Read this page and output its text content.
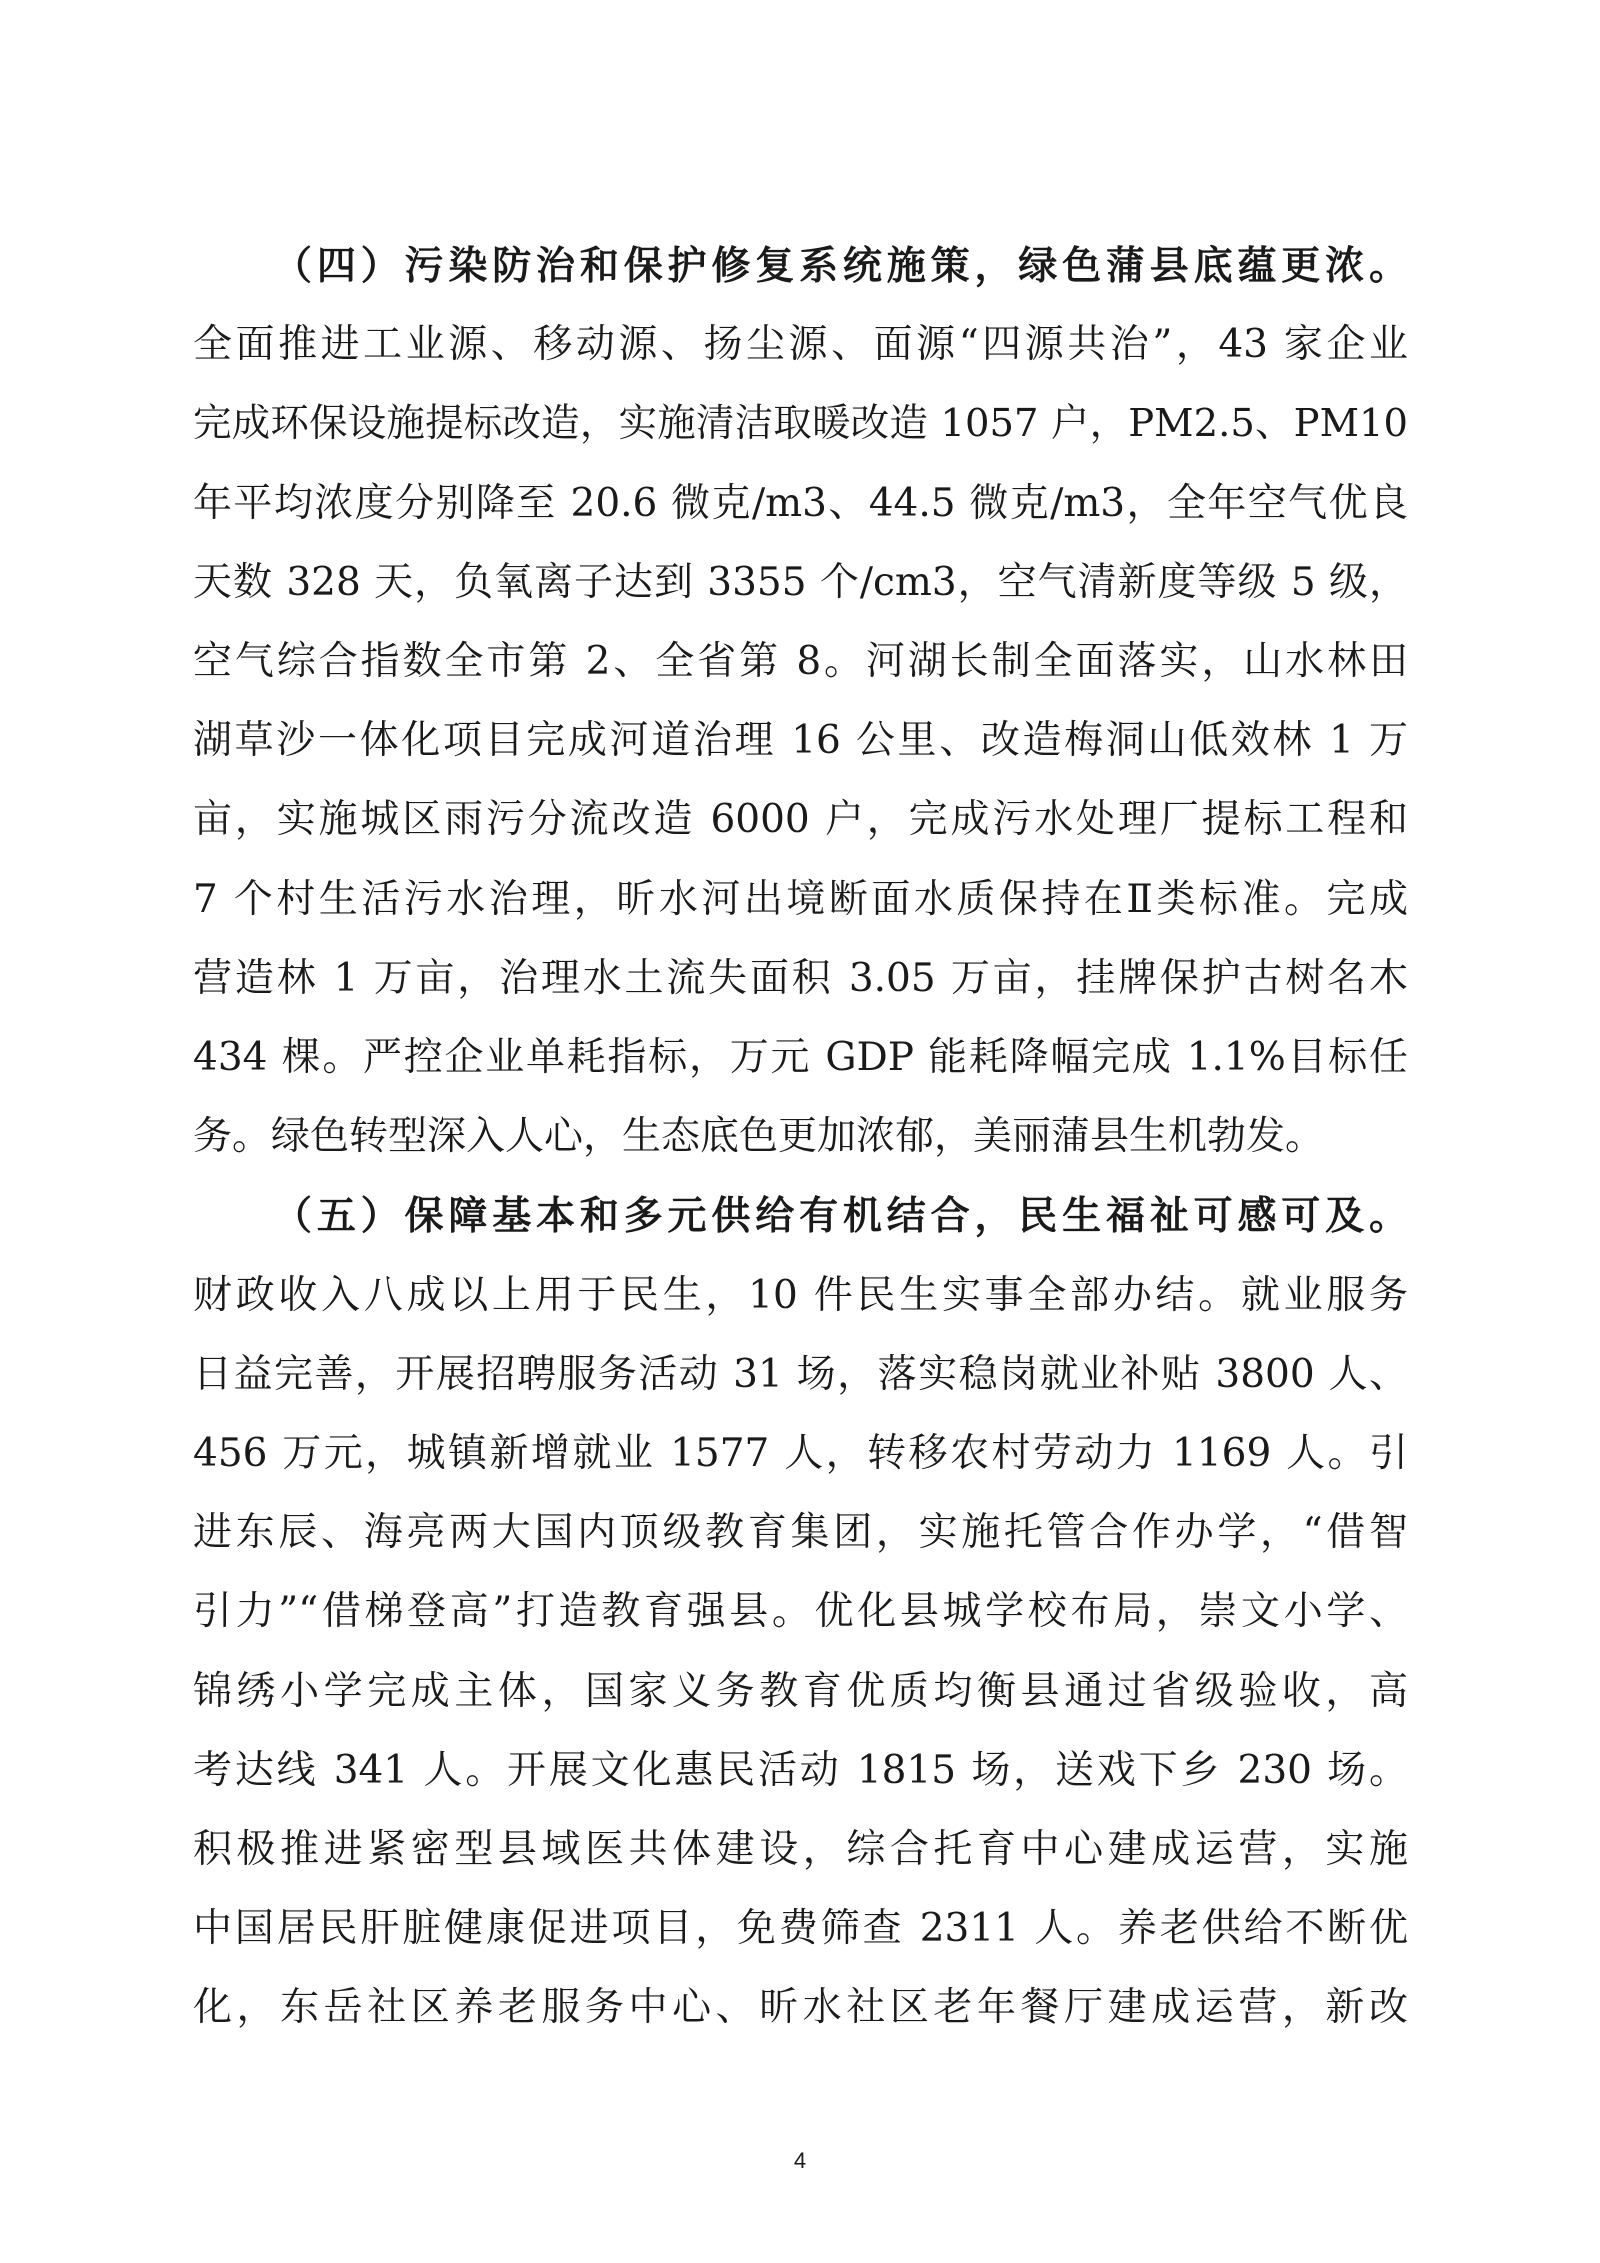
（四）污染防治和保护修复系统施策，绿色蒲县底蕴更浓。
全面推进工业源、移动源、扬尘源、面源“四源共治”，43 家企业
完成环保设施提标改造，实施清洁取暖改造 1057 户，PM2.5、PM10
年平均浓度分别降至 20.6 微克/m3、44.5 微克/m3，全年空气优良
天数 328 天，负氧离子达到 3355 个/cm3，空气清新度等级 5 级，
空气综合指数全市第 2、全省第 8。河湖长制全面落实，山水林田
湖草沙一体化项目完成河道治理 16 公里、改造梅洞山低效林 1 万
亩，实施城区雨污分流改造 6000 户，完成污水处理厂提标工程和
7 个村生活污水治理，昕水河出境断面水质保持在Ⅱ类标准。完成
营造林 1 万亩，治理水土流失面积 3.05 万亩，挂牌保护古树名木
434 棵。严控企业单耗指标，万元 GDP 能耗降幅完成 1.1%目标任
务。绿色转型深入人心，生态底色更加浓郁，美丽蒲县生机勃发。
（五）保障基本和多元供给有机结合，民生福祉可感可及。
财政收入八成以上用于民生，10 件民生实事全部办结。就业服务
日益完善，开展招聘服务活动 31 场，落实稳岗就业补贴 3800 人、
456 万元，城镇新增就业 1577 人，转移农村劳动力 1169 人。引
进东辰、海亮两大国内顶级教育集团，实施托管合作办学，“借智
引力”“借梯登高”打造教育强县。优化县城学校布局，崇文小学、
锦绣小学完成主体，国家义务教育优质均衡县通过省级验收，高
考达线 341 人。开展文化惠民活动 1815 场，送戏下乡 230 场。
积极推进紧密型县域医共体建设，综合托育中心建成运营，实施
中国居民肝脏健康促进项目，免费筛查 2311 人。养老供给不断优
化，东岳社区养老服务中心、昕水社区老年餐厅建成运营，新改
4
